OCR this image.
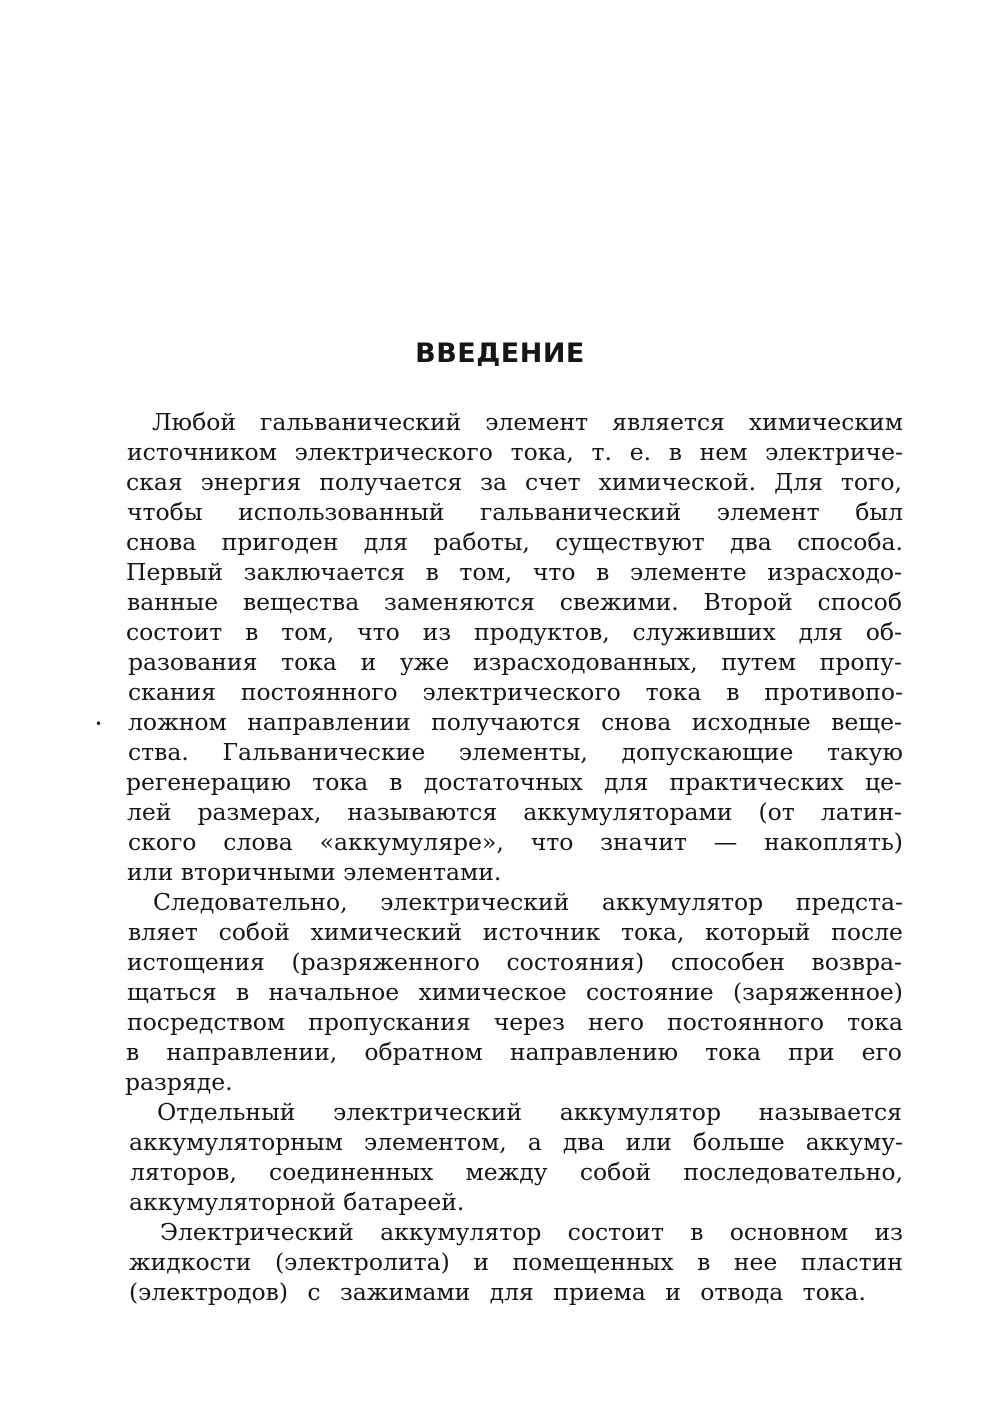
ВВЕДЕНИЕ
•
Любой гальванический элемент является химическим
источником электрического тока, т. е. в нем электриче-
ская энергия получается за счет химической. Для того,
чтобы использованный гальванический элемент был
снова пригоден для работы, существуют два способа.
Первый заключается в том, что в элементе израсходо-
ванные вещества заменяются свежими. Второй способ
состоит в том, что из продуктов, служивших для об-
разования тока и уже израсходованных, путем пропу-
скания постоянного электрического тока в противопо-
ложном направлении получаются снова исходные веще-
ства. Гальванические элементы, допускающие такую
регенерацию тока в достаточных для практических це-
лей размерах, называются аккумуляторами (от латин-
ского слова «аккумуляре», что значит — накоплять)
или вторичными элементами.
Следовательно, электрический аккумулятор предста-
вляет собой химический источник тока, который после
истощения (разряженного состояния) способен возвра-
щаться в начальное химическое состояние (заряженное)
посредством пропускания через него постоянного тока
в направлении, обратном направлению тока при его
разряде.
Отдельный электрический аккумулятор называется
аккумуляторным элементом, а два или больше аккуму-
ляторов, соединенных между собой последовательно,
аккумуляторной батареей.
Электрический аккумулятор состоит в основном из
жидкости (электролита) и помещенных в нее пластин
(электродов) с зажимами для приема и отвода тока.
